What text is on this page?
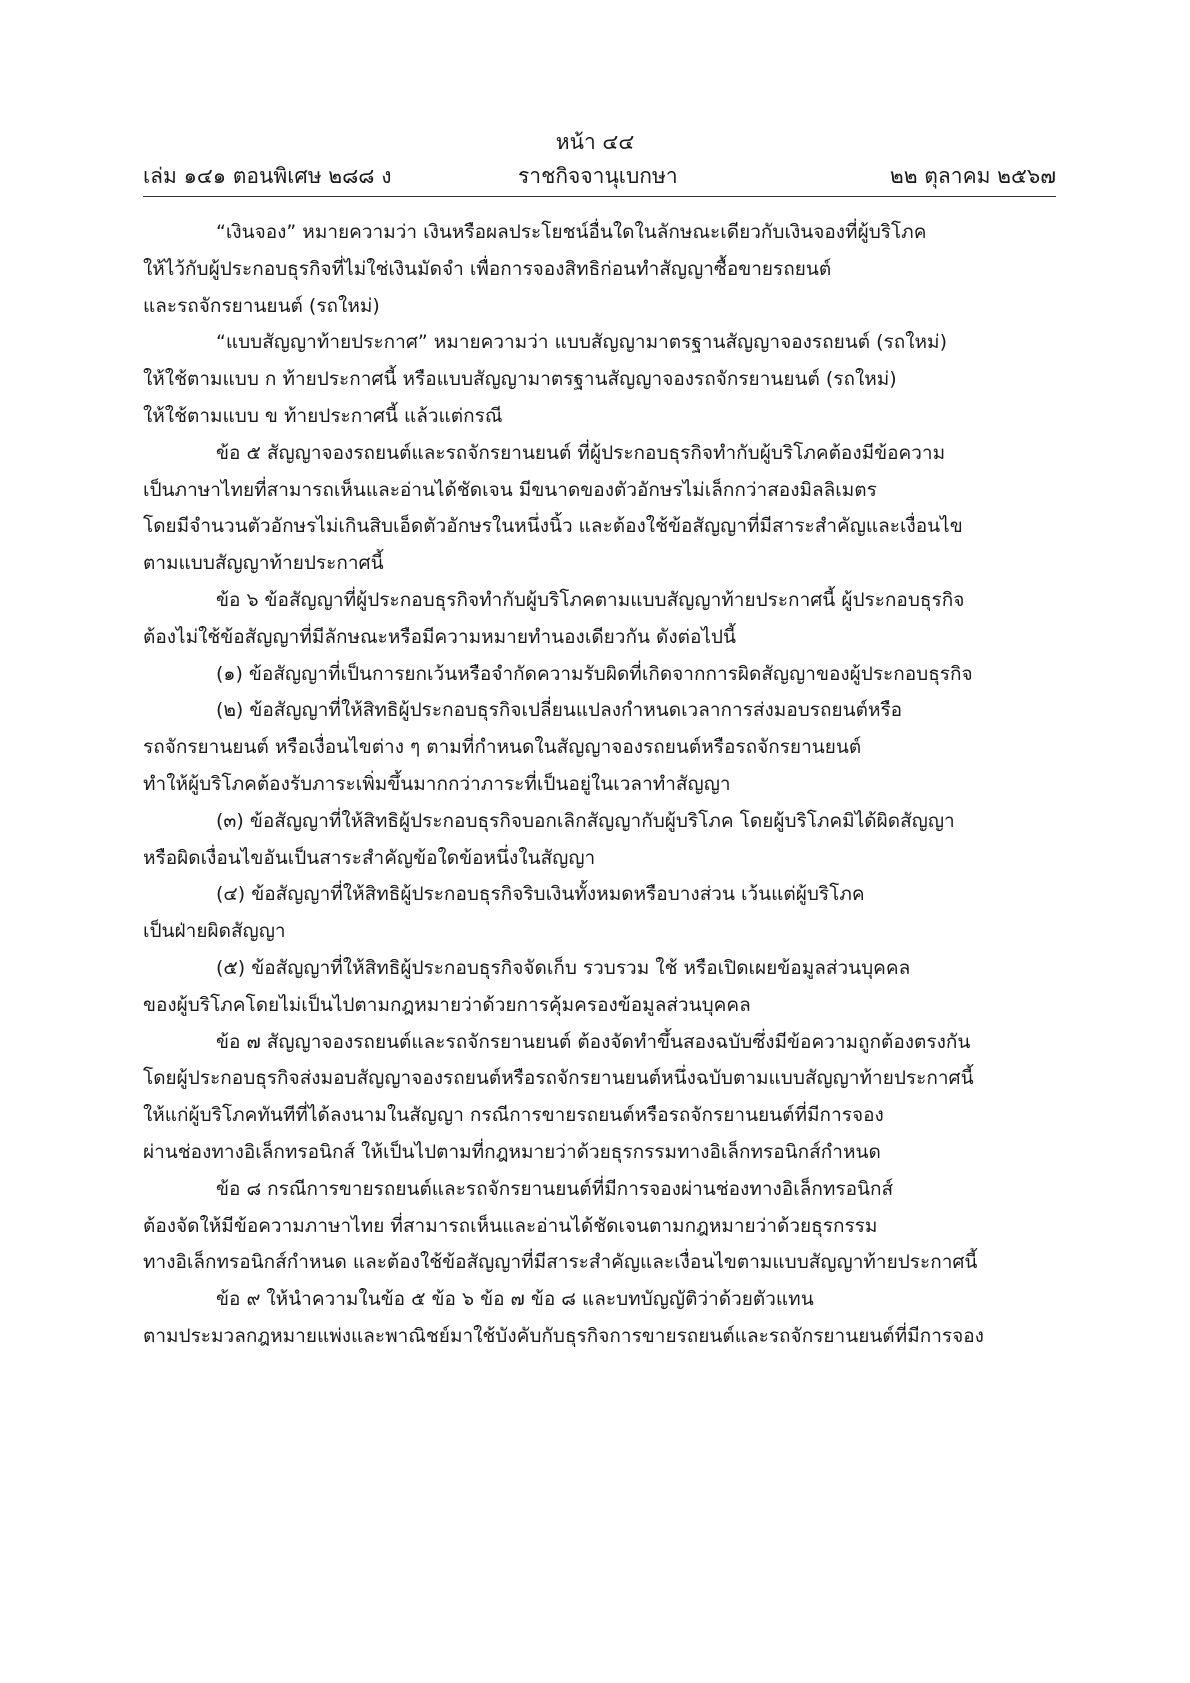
หน้า ๔๔
เล่ม ๑๔๑ ตอนพิเศษ ๒๘๘ ง	ราชกิจจานุเบกษา	๒๒ ตุลาคม ๒๕๖๗
“เงินจอง” หมายความว่า เงินหรือผลประโยชน์อื่นใดในลักษณะเดียวกับเงินจองที่ผู้บริโภค
ให้ไว้กับผู้ประกอบธุรกิจที่ไม่ใช่เงินมัดจำ เพื่อการจองสิทธิก่อนทำสัญญาซื้อขายรถยนต์
และรถจักรยานยนต์ (รถใหม่)
“แบบสัญญาท้ายประกาศ” หมายความว่า แบบสัญญามาตรฐานสัญญาจองรถยนต์ (รถใหม่)
ให้ใช้ตามแบบ ก ท้ายประกาศนี้ หรือแบบสัญญามาตรฐานสัญญาจองรถจักรยานยนต์ (รถใหม่)
ให้ใช้ตามแบบ ข ท้ายประกาศนี้ แล้วแต่กรณี
ข้อ ๕ สัญญาจองรถยนต์และรถจักรยานยนต์ ที่ผู้ประกอบธุรกิจทำกับผู้บริโภคต้องมีข้อความ
เป็นภาษาไทยที่สามารถเห็นและอ่านได้ชัดเจน มีขนาดของตัวอักษรไม่เล็กกว่าสองมิลลิเมตร
โดยมีจำนวนตัวอักษรไม่เกินสิบเอ็ดตัวอักษรในหนึ่งนิ้ว และต้องใช้ข้อสัญญาที่มีสาระสำคัญและเงื่อนไข
ตามแบบสัญญาท้ายประกาศนี้
ข้อ ๖ ข้อสัญญาที่ผู้ประกอบธุรกิจทำกับผู้บริโภคตามแบบสัญญาท้ายประกาศนี้ ผู้ประกอบธุรกิจ
ต้องไม่ใช้ข้อสัญญาที่มีลักษณะหรือมีความหมายทำนองเดียวกัน ดังต่อไปนี้
(๑) ข้อสัญญาที่เป็นการยกเว้นหรือจำกัดความรับผิดที่เกิดจากการผิดสัญญาของผู้ประกอบธุรกิจ
(๒) ข้อสัญญาที่ให้สิทธิผู้ประกอบธุรกิจเปลี่ยนแปลงกำหนดเวลาการส่งมอบรถยนต์หรือ
รถจักรยานยนต์ หรือเงื่อนไขต่าง ๆ ตามที่กำหนดในสัญญาจองรถยนต์หรือรถจักรยานยนต์
ทำให้ผู้บริโภคต้องรับภาระเพิ่มขึ้นมากกว่าภาระที่เป็นอยู่ในเวลาทำสัญญา
(๓) ข้อสัญญาที่ให้สิทธิผู้ประกอบธุรกิจบอกเลิกสัญญากับผู้บริโภค โดยผู้บริโภคมิได้ผิดสัญญา
หรือผิดเงื่อนไขอันเป็นสาระสำคัญข้อใดข้อหนึ่งในสัญญา
(๔) ข้อสัญญาที่ให้สิทธิผู้ประกอบธุรกิจริบเงินทั้งหมดหรือบางส่วน เว้นแต่ผู้บริโภค
เป็นฝ่ายผิดสัญญา
(๕) ข้อสัญญาที่ให้สิทธิผู้ประกอบธุรกิจจัดเก็บ รวบรวม ใช้ หรือเปิดเผยข้อมูลส่วนบุคคล
ของผู้บริโภคโดยไม่เป็นไปตามกฎหมายว่าด้วยการคุ้มครองข้อมูลส่วนบุคคล
ข้อ ๗ สัญญาจองรถยนต์และรถจักรยานยนต์ ต้องจัดทำขึ้นสองฉบับซึ่งมีข้อความถูกต้องตรงกัน
โดยผู้ประกอบธุรกิจส่งมอบสัญญาจองรถยนต์หรือรถจักรยานยนต์หนึ่งฉบับตามแบบสัญญาท้ายประกาศนี้
ให้แก่ผู้บริโภคทันทีที่ได้ลงนามในสัญญา กรณีการขายรถยนต์หรือรถจักรยานยนต์ที่มีการจอง
ผ่านช่องทางอิเล็กทรอนิกส์ ให้เป็นไปตามที่กฎหมายว่าด้วยธุรกรรมทางอิเล็กทรอนิกส์กำหนด
ข้อ ๘ กรณีการขายรถยนต์และรถจักรยานยนต์ที่มีการจองผ่านช่องทางอิเล็กทรอนิกส์
ต้องจัดให้มีข้อความภาษาไทย ที่สามารถเห็นและอ่านได้ชัดเจนตามกฎหมายว่าด้วยธุรกรรม
ทางอิเล็กทรอนิกส์กำหนด และต้องใช้ข้อสัญญาที่มีสาระสำคัญและเงื่อนไขตามแบบสัญญาท้ายประกาศนี้
ข้อ ๙ ให้นำความในข้อ ๕ ข้อ ๖ ข้อ ๗ ข้อ ๘ และบทบัญญัติว่าด้วยตัวแทน
ตามประมวลกฎหมายแพ่งและพาณิชย์มาใช้บังคับกับธุรกิจการขายรถยนต์และรถจักรยานยนต์ที่มีการจอง
